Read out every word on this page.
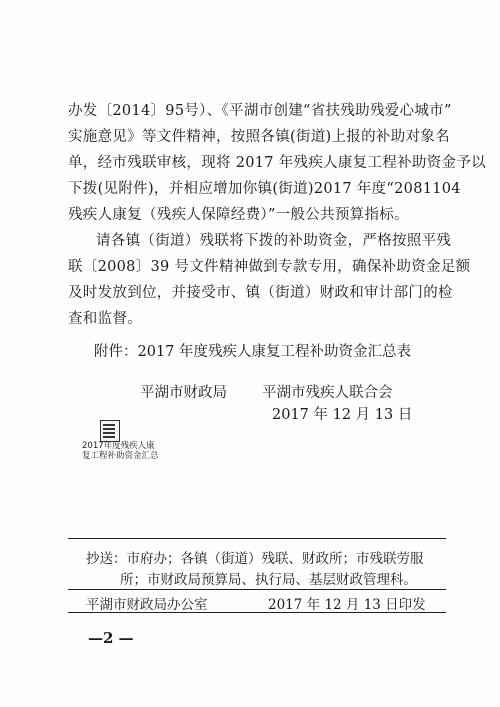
办发〔2014〕95号）、《平湖市创建“省扶残助残爱心城市”
实施意见》等文件精神，按照各镇(街道)上报的补助对象名
单，经市残联审核，现将 2017 年残疾人康复工程补助资金予以
下拨(见附件)，并相应增加你镇(街道)2017 年度“2081104
残疾人康复（残疾人保障经费）”一般公共预算指标。
请各镇（街道）残联将下拨的补助资金，严格按照平残
联〔2008〕39 号文件精神做到专款专用，确保补助资金足额
及时发放到位，并接受市、镇（街道）财政和审计部门的检
查和监督。
附件：2017 年度残疾人康复工程补助资金汇总表
平湖市财政局 平湖市残疾人联合会
2017 年 12 月 13 日
2017年度残疾人康
复工程补助资金汇总
抄送：市府办；各镇（街道）残联、财政所；市残联劳服
所；市财政局预算局、执行局、基层财政管理科。
平湖市财政局办公室	2017 年 12 月 13 日印发
—2 —
